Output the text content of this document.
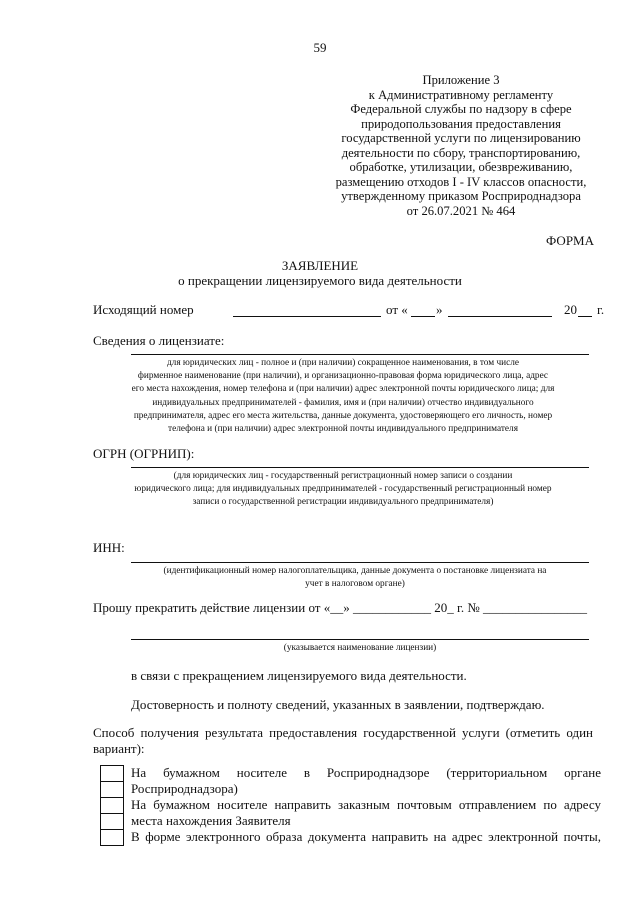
59
Приложение 3
к Административному регламенту
Федеральной службы по надзору в сфере
природопользования предоставления
государственной услуги по лицензированию
деятельности по сбору, транспортированию,
обработке, утилизации, обезвреживанию,
размещению отходов I - IV классов опасности,
утвержденному приказом Росприроднадзора
от 26.07.2021 № 464
ФОРМА
ЗАЯВЛЕНИЕ
о прекращении лицензируемого вида деятельности
Исходящий номер	от « »	20 г.
Сведения о лицензиате:
для юридических лиц - полное и (при наличии) сокращенное наименования, в том числе
фирменное наименование (при наличии), и организационно-правовая форма юридического лица, адрес
его места нахождения, номер телефона и (при наличии) адрес электронной почты юридического лица; для
индивидуальных предпринимателей - фамилия, имя и (при наличии) отчество индивидуального
предпринимателя, адрес его места жительства, данные документа, удостоверяющего его личность, номер
телефона и (при наличии) адрес электронной почты индивидуального предпринимателя
ОГРН (ОГРНИП):
(для юридических лиц - государственный регистрационный номер записи о создании
юридического лица; для индивидуальных предпринимателей - государственный регистрационный номер
записи о государственной регистрации индивидуального предпринимателя)
ИНН:
(идентификационный номер налогоплательщика, данные документа о постановке лицензиата на
учет в налоговом органе)
Прошу прекратить действие лицензии от «__» ____________ 20_ г. № ________________
(указывается наименование лицензии)
в связи с прекращением лицензируемого вида деятельности.
Достоверность и полноту сведений, указанных в заявлении, подтверждаю.
Способ получения результата предоставления государственной услуги (отметить один
вариант):
На бумажном носителе в Росприроднадзоре (территориальном органе
Росприроднадзора)
На бумажном носителе направить заказным почтовым отправлением по адресу
места нахождения Заявителя
В форме электронного образа документа направить на адрес электронной почты,
